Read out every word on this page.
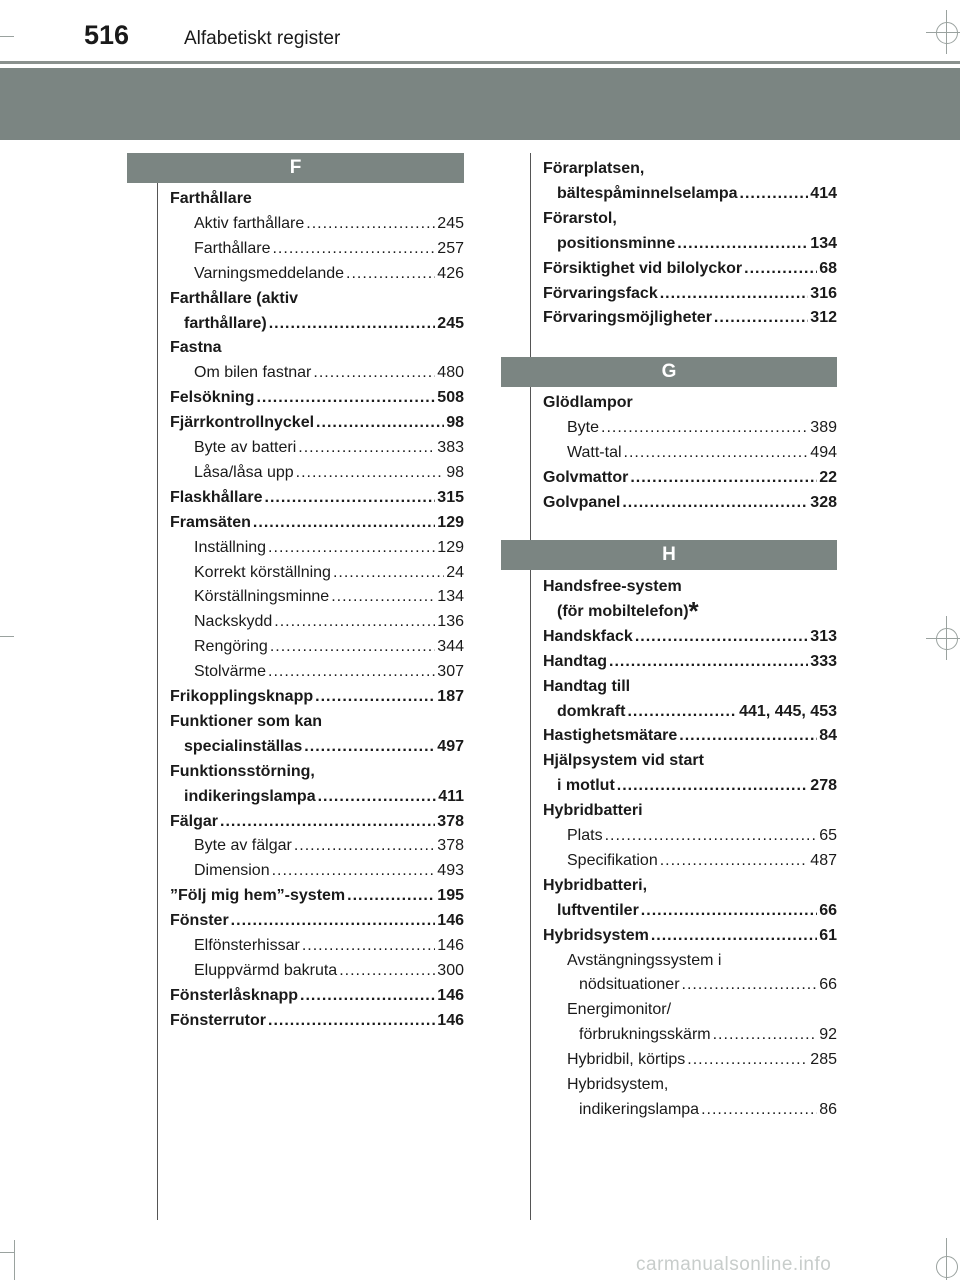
516	Alfabetiskt register
F
G
H
Farthållare
Aktiv farthållare .....	245
Farthållare .....	257
Varningsmeddelande .....	426
Farthållare (aktiv
farthållare) .....	245
Fastna
Om bilen fastnar .....	480
Felsökning .....	508
Fjärrkontrollnyckel .....	98
Byte av batteri .....	383
Låsa/låsa upp .....	98
Flaskhållare .....	315
Framsäten .....	129
Inställning .....	129
Korrekt körställning .....	24
Körställningsminne .....	134
Nackskydd .....	136
Rengöring .....	344
Stolvärme .....	307
Frikopplingsknapp .....	187
Funktioner som kan
specialinställas .....	497
Funktionsstörning,
indikeringslampa .....	411
Fälgar .....	378
Byte av fälgar .....	378
Dimension .....	493
”Följ mig hem”-system .....	195
Fönster .....	146
Elfönsterhissar .....	146
Eluppvärmd bakruta .....	300
Fönsterlåsknapp .....	146
Fönsterrutor .....	146
Förarplatsen,
bältespåminnelselampa .....	414
Förarstol,
positionsminne .....	134
Försiktighet vid bilolyckor .....	68
Förvaringsfack .....	316
Förvaringsmöjligheter .....	312
Glödlampor
Byte .....	389
Watt-tal .....	494
Golvmattor .....	22
Golvpanel .....	328
Handsfree-system
(för mobiltelefon)*
Handskfack .....	313
Handtag .....	333
Handtag till
domkraft .....	441, 445, 453
Hastighetsmätare .....	84
Hjälpsystem vid start
i motlut .....	278
Hybridbatteri
Plats .....	65
Specifikation .....	487
Hybridbatteri,
luftventiler .....	66
Hybridsystem .....	61
Avstängningssystem i
nödsituationer .....	66
Energimonitor/
förbrukningsskärm .....	92
Hybridbil, körtips .....	285
Hybridsystem,
indikeringslampa .....	86
carmanualsonline.info
